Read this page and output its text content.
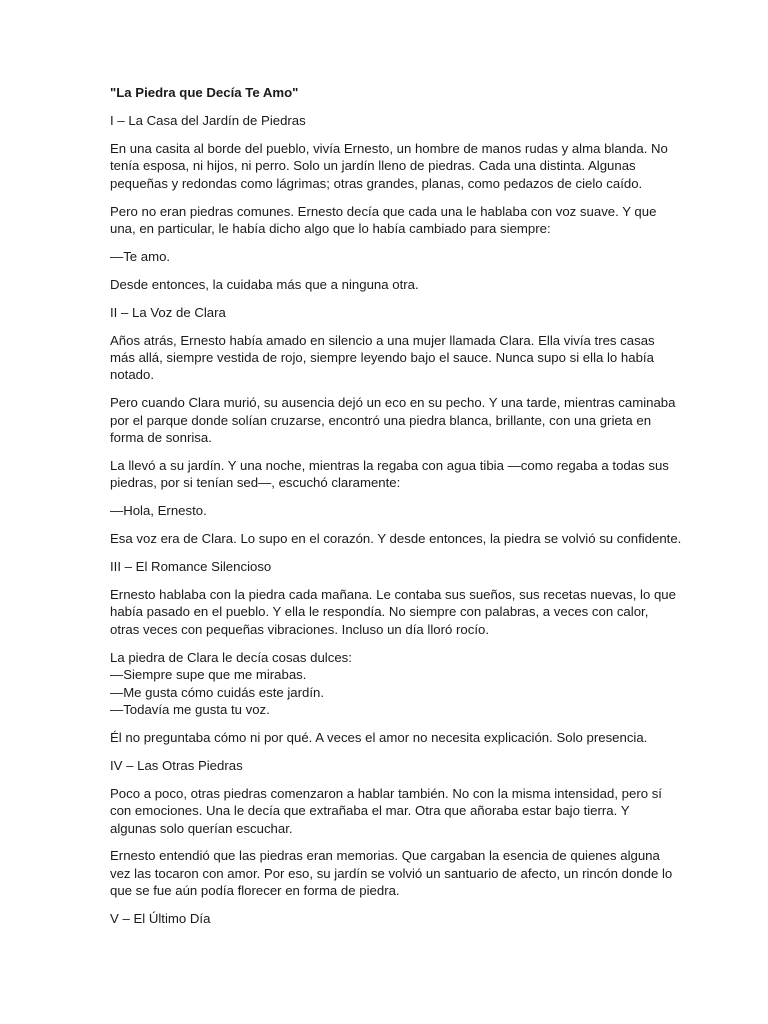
"La Piedra que Decía Te Amo"
I – La Casa del Jardín de Piedras
En una casita al borde del pueblo, vivía Ernesto, un hombre de manos rudas y alma blanda. No
tenía esposa, ni hijos, ni perro. Solo un jardín lleno de piedras. Cada una distinta. Algunas
pequeñas y redondas como lágrimas; otras grandes, planas, como pedazos de cielo caído.
Pero no eran piedras comunes. Ernesto decía que cada una le hablaba con voz suave. Y que
una, en particular, le había dicho algo que lo había cambiado para siempre:
—Te amo.
Desde entonces, la cuidaba más que a ninguna otra.
II – La Voz de Clara
Años atrás, Ernesto había amado en silencio a una mujer llamada Clara. Ella vivía tres casas
más allá, siempre vestida de rojo, siempre leyendo bajo el sauce. Nunca supo si ella lo había
notado.
Pero cuando Clara murió, su ausencia dejó un eco en su pecho. Y una tarde, mientras caminaba
por el parque donde solían cruzarse, encontró una piedra blanca, brillante, con una grieta en
forma de sonrisa.
La llevó a su jardín. Y una noche, mientras la regaba con agua tibia —como regaba a todas sus
piedras, por si tenían sed—, escuchó claramente:
—Hola, Ernesto.
Esa voz era de Clara. Lo supo en el corazón. Y desde entonces, la piedra se volvió su confidente.
III – El Romance Silencioso
Ernesto hablaba con la piedra cada mañana. Le contaba sus sueños, sus recetas nuevas, lo que
había pasado en el pueblo. Y ella le respondía. No siempre con palabras, a veces con calor,
otras veces con pequeñas vibraciones. Incluso un día lloró rocío.
La piedra de Clara le decía cosas dulces:
—Siempre supe que me mirabas.
—Me gusta cómo cuidás este jardín.
—Todavía me gusta tu voz.
Él no preguntaba cómo ni por qué. A veces el amor no necesita explicación. Solo presencia.
IV – Las Otras Piedras
Poco a poco, otras piedras comenzaron a hablar también. No con la misma intensidad, pero sí
con emociones. Una le decía que extrañaba el mar. Otra que añoraba estar bajo tierra. Y
algunas solo querían escuchar.
Ernesto entendió que las piedras eran memorias. Que cargaban la esencia de quienes alguna
vez las tocaron con amor. Por eso, su jardín se volvió un santuario de afecto, un rincón donde lo
que se fue aún podía florecer en forma de piedra.
V – El Último Día
